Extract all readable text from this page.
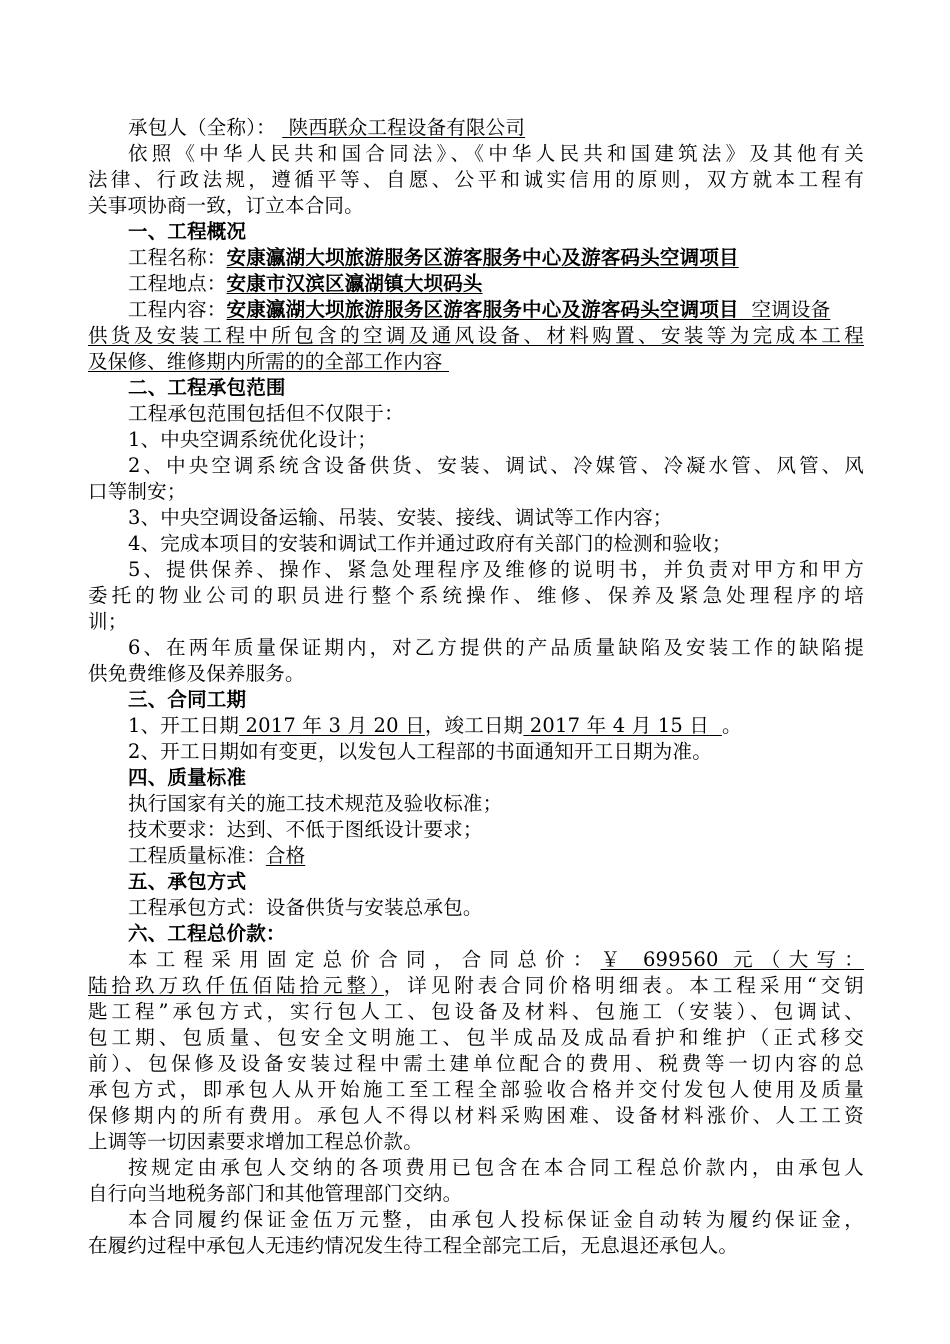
承包人（全称）： 陕西联众工程设备有限公司
依照《中华人民共和国合同法》、《中华人民共和国建筑法》及其他有关
法律、行政法规，遵循平等、自愿、公平和诚实信用的原则，双方就本工程有
关事项协商一致，订立本合同。
一、工程概况
工程名称：安康瀛湖大坝旅游服务区游客服务中心及游客码头空调项目
工程地点：安康市汉滨区瀛湖镇大坝码头
工程内容：安康瀛湖大坝旅游服务区游客服务中心及游客码头空调项目 空调设备
供货及安装工程中所包含的空调及通风设备、材料购置、安装等为完成本工程
及保修、维修期内所需的的全部工作内容
二、工程承包范围
工程承包范围包括但不仅限于：
1、中央空调系统优化设计；
2、中央空调系统含设备供货、安装、调试、冷媒管、冷凝水管、风管、风
口等制安；
3、中央空调设备运输、吊装、安装、接线、调试等工作内容；
4、完成本项目的安装和调试工作并通过政府有关部门的检测和验收；
5、提供保养、操作、紧急处理程序及维修的说明书，并负责对甲方和甲方
委托的物业公司的职员进行整个系统操作、维修、保养及紧急处理程序的培
训；
6、在两年质量保证期内，对乙方提供的产品质量缺陷及安装工作的缺陷提
供免费维修及保养服务。
三、合同工期
1、开工日期 2017 年 3 月 20 日，竣工日期 2017 年 4 月 15 日 。
2、开工日期如有变更，以发包人工程部的书面通知开工日期为准。
四、质量标准
执行国家有关的施工技术规范及验收标准；
技术要求：达到、不低于图纸设计要求；
工程质量标准：合格
五、承包方式
工程承包方式：设备供货与安装总承包。
六、工程总价款：
本工程采用固定总价合同，合同总价：￥ 699560 元（大写：
陆拾玖万玖仟伍佰陆拾元整），详见附表合同价格明细表。本工程采用“交钥
匙工程”承包方式，实行包人工、包设备及材料、包施工（安装）、包调试、
包工期、包质量、包安全文明施工、包半成品及成品看护和维护（正式移交
前）、包保修及设备安装过程中需土建单位配合的费用、税费等一切内容的总
承包方式，即承包人从开始施工至工程全部验收合格并交付发包人使用及质量
保修期内的所有费用。承包人不得以材料采购困难、设备材料涨价、人工工资
上调等一切因素要求增加工程总价款。
按规定由承包人交纳的各项费用已包含在本合同工程总价款内，由承包人
自行向当地税务部门和其他管理部门交纳。
本合同履约保证金伍万元整，由承包人投标保证金自动转为履约保证金，
在履约过程中承包人无违约情况发生待工程全部完工后，无息退还承包人。
